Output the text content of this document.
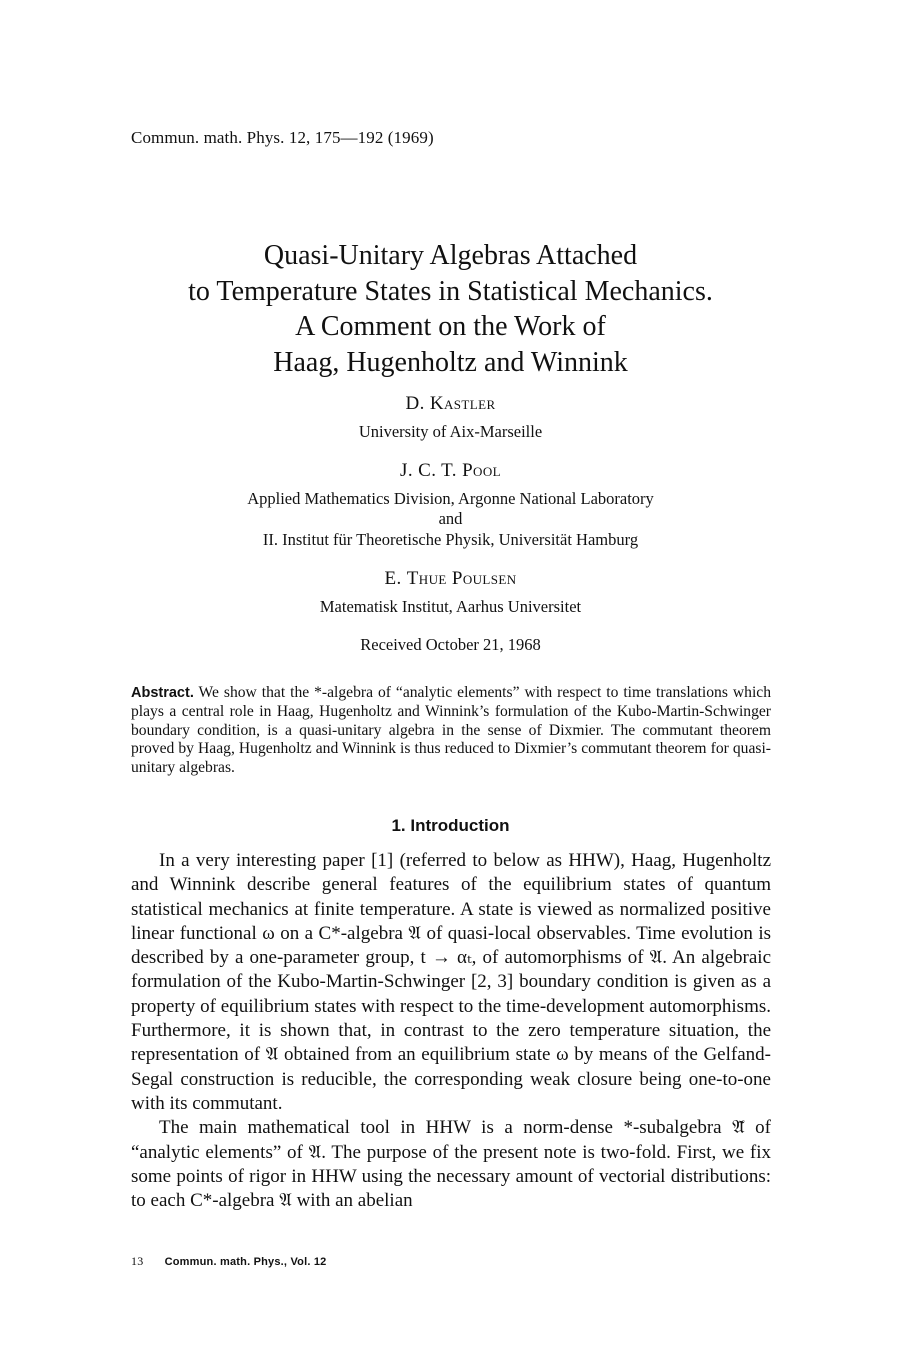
Commun. math. Phys. 12, 175—192 (1969)
Quasi-Unitary Algebras Attached
to Temperature States in Statistical Mechanics.
A Comment on the Work of
Haag, Hugenholtz and Winnink
D. Kastler
University of Aix-Marseille
J. C. T. Pool
Applied Mathematics Division, Argonne National Laboratory
and
II. Institut für Theoretische Physik, Universität Hamburg
E. Thue Poulsen
Matematisk Institut, Aarhus Universitet
Received October 21, 1968
Abstract. We show that the *-algebra of “analytic elements” with respect to time translations which plays a central role in Haag, Hugenholtz and Winnink’s formulation of the Kubo-Martin-Schwinger boundary condition, is a quasi-unitary algebra in the sense of Dixmier. The commutant theorem proved by Haag, Hugenholtz and Winnink is thus reduced to Dixmier’s commutant theorem for quasi-unitary algebras.
1. Introduction

In a very interesting paper [1] (referred to below as HHW), Haag, Hugenholtz and Winnink describe general features of the equilibrium states of quantum statistical mechanics at finite temperature. A state is viewed as normalized positive linear functional ω on a C*-algebra 𝔄 of quasi-local observables. Time evolution is described by a one-parameter group, t → αₜ, of automorphisms of 𝔄. An algebraic formulation of the Kubo-Martin-Schwinger [2, 3] boundary condition is given as a property of equilibrium states with respect to the time-development automorphisms. Furthermore, it is shown that, in contrast to the zero temperature situation, the representation of 𝔄 obtained from an equilibrium state ω by means of the Gelfand-Segal construction is reducible, the corresponding weak closure being one-to-one with its commutant.

The main mathematical tool in HHW is a norm-dense *-subalgebra 𝔄̃ of “analytic elements” of 𝔄. The purpose of the present note is two-fold. First, we fix some points of rigor in HHW using the necessary amount of vectorial distributions: to each C*-algebra 𝔄 with an abelian

13 Commun. math. Phys., Vol. 12
